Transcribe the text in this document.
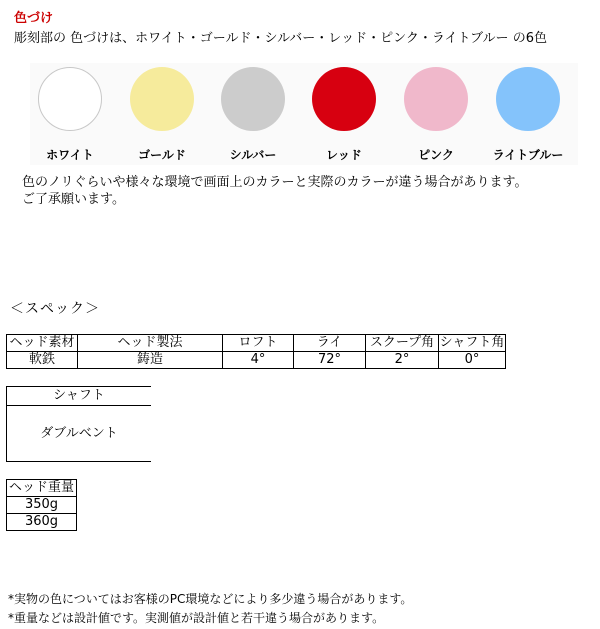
色づけ
彫刻部の 色づけは、ホワイト・ゴールド・シルバー・レッド・ピンク・ライトブルー の6色
ホワイト	ゴールド	シルバー	レッド	ピンク	ライトブルー
色のノリぐらいや様々な環境で画面上のカラーと実際のカラーが違う場合があります。
ご了承願います。
＜スペック＞
ヘッド素材	ヘッド製法	ロフト	ライ	スクープ角	シャフト角
軟鉄	鋳造	4°	72°	2°	0°
シャフト
ダブルベント
ヘッド重量
350g
360g
*実物の色についてはお客様のPC環境などにより多少違う場合があります。
*重量などは設計値です。実測値が設計値と若干違う場合があります。
